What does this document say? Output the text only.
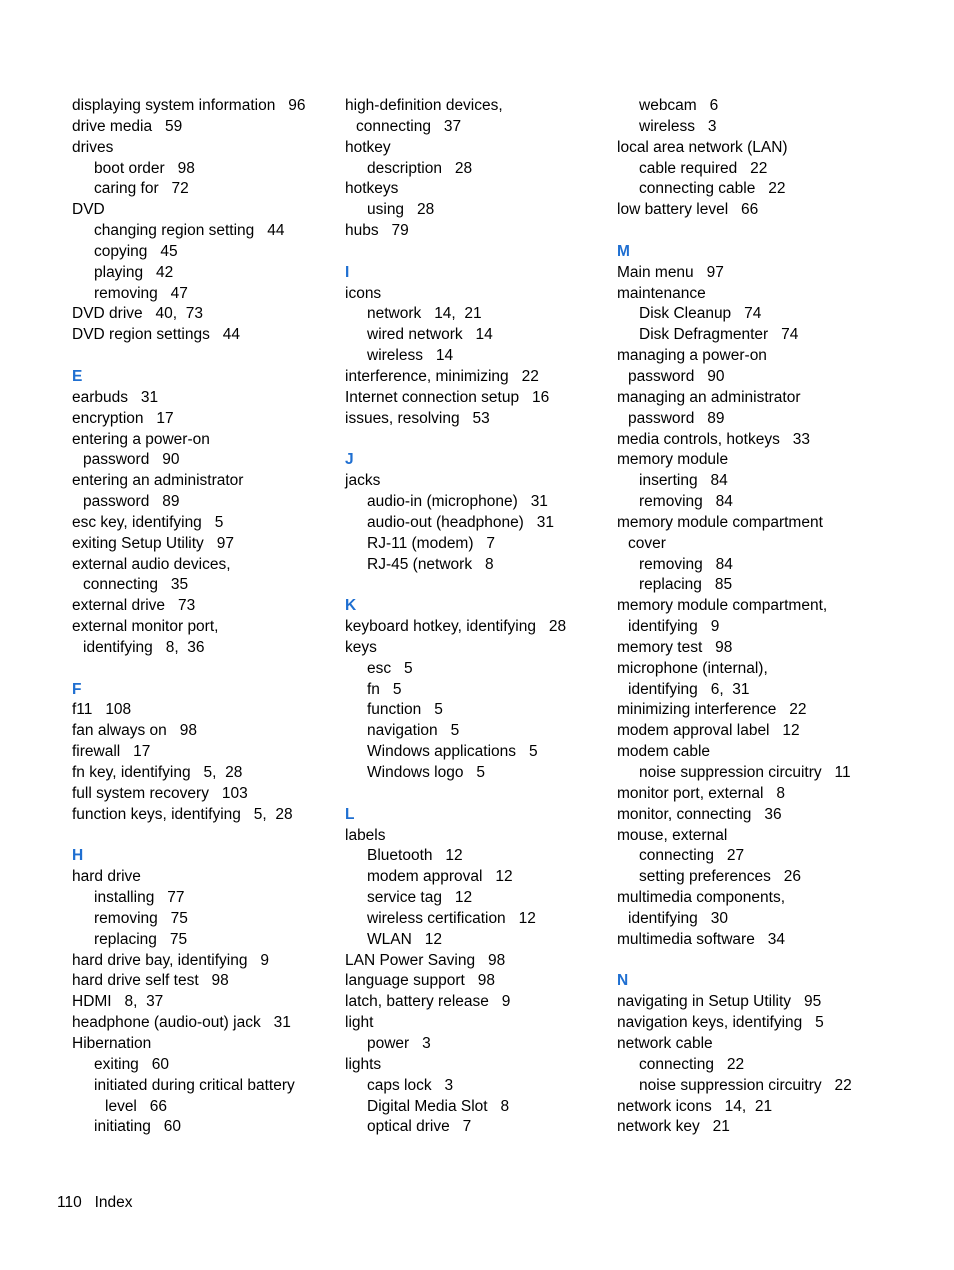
displaying system information   96
drive media   59
drives
boot order   98
caring for   72
DVD
changing region setting   44
copying   45
playing   42
removing   47
DVD drive   40,  73
DVD region settings   44
E
earbuds   31
encryption   17
entering a power-on
password   90
entering an administrator
password   89
esc key, identifying   5
exiting Setup Utility   97
external audio devices,
connecting   35
external drive   73
external monitor port,
identifying   8,  36
F
f11   108
fan always on   98
firewall   17
fn key, identifying   5,  28
full system recovery   103
function keys, identifying   5,  28
H
hard drive
installing   77
removing   75
replacing   75
hard drive bay, identifying   9
hard drive self test   98
HDMI   8,  37
headphone (audio-out) jack   31
Hibernation
exiting   60
initiated during critical battery
level   66
initiating   60
high-definition devices,
connecting   37
hotkey
description   28
hotkeys
using   28
hubs   79
I
icons
network   14,  21
wired network   14
wireless   14
interference, minimizing   22
Internet connection setup   16
issues, resolving   53
J
jacks
audio-in (microphone)   31
audio-out (headphone)   31
RJ-11 (modem)   7
RJ-45 (network   8
K
keyboard hotkey, identifying   28
keys
esc   5
fn   5
function   5
navigation   5
Windows applications   5
Windows logo   5
L
labels
Bluetooth   12
modem approval   12
service tag   12
wireless certification   12
WLAN   12
LAN Power Saving   98
language support   98
latch, battery release   9
light
power   3
lights
caps lock   3
Digital Media Slot   8
optical drive   7
webcam   6
wireless   3
local area network (LAN)
cable required   22
connecting cable   22
low battery level   66
M
Main menu   97
maintenance
Disk Cleanup   74
Disk Defragmenter   74
managing a power-on
password   90
managing an administrator
password   89
media controls, hotkeys   33
memory module
inserting   84
removing   84
memory module compartment
cover
removing   84
replacing   85
memory module compartment,
identifying   9
memory test   98
microphone (internal),
identifying   6,  31
minimizing interference   22
modem approval label   12
modem cable
noise suppression circuitry   11
monitor port, external   8
monitor, connecting   36
mouse, external
connecting   27
setting preferences   26
multimedia components,
identifying   30
multimedia software   34
N
navigating in Setup Utility   95
navigation keys, identifying   5
network cable
connecting   22
noise suppression circuitry   22
network icons   14,  21
network key   21
110   Index
